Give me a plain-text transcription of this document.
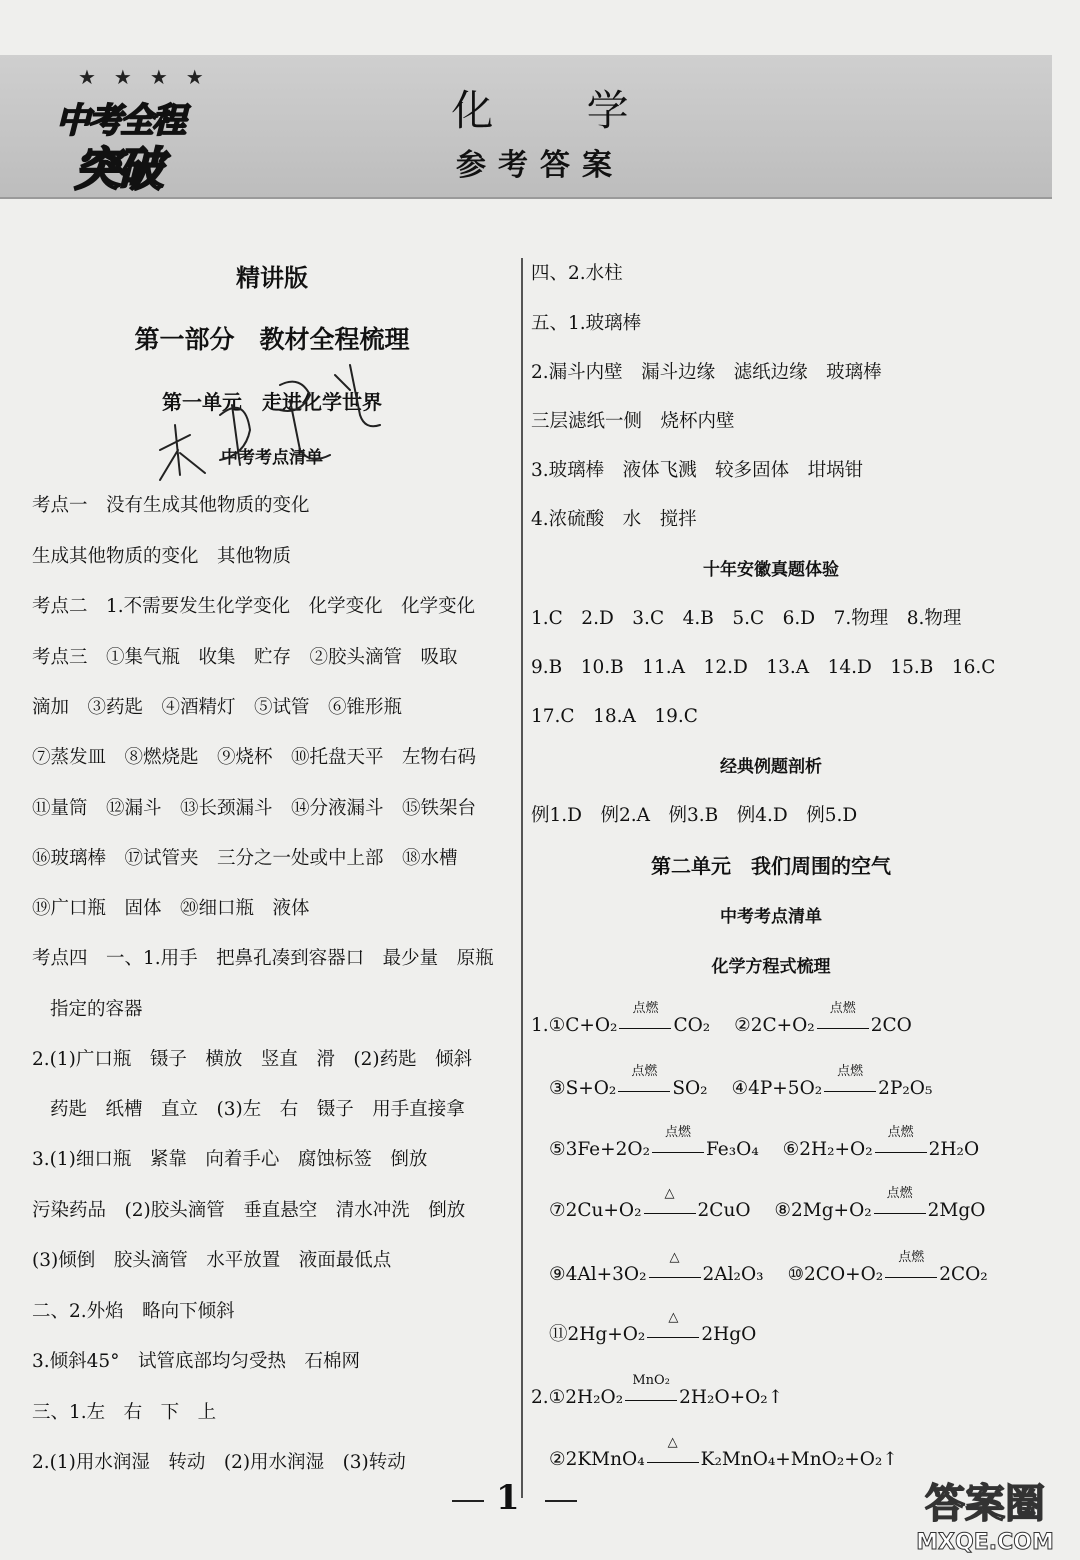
★★★★
中考全程
突破
化 学
参考答案
精讲版
第一部分　教材全程梳理
第一单元　走进化学世界
中考考点清单
考点一　没有生成其他物质的变化
生成其他物质的变化　其他物质
考点二　1.不需要发生化学变化　化学变化　化学变化
考点三　①集气瓶　收集　贮存　②胶头滴管　吸取
滴加　③药匙　④酒精灯　⑤试管　⑥锥形瓶
⑦蒸发皿　⑧燃烧匙　⑨烧杯　⑩托盘天平　左物右码
⑪量筒　⑫漏斗　⑬长颈漏斗　⑭分液漏斗　⑮铁架台
⑯玻璃棒　⑰试管夹　三分之一处或中上部　⑱水槽
⑲广口瓶　固体　⑳细口瓶　液体
考点四　一、1.用手　把鼻孔凑到容器口　最少量　原瓶
指定的容器
2.(1)广口瓶　镊子　横放　竖直　滑　(2)药匙　倾斜
药匙　纸槽　直立　(3)左　右　镊子　用手直接拿
3.(1)细口瓶　紧靠　向着手心　腐蚀标签　倒放
污染药品　(2)胶头滴管　垂直悬空　清水冲洗　倒放
(3)倾倒　胶头滴管　水平放置　液面最低点
二、2.外焰　略向下倾斜
3.倾斜45°　试管底部均匀受热　石棉网
三、1.左　右　下　上
2.(1)用水润湿　转动　(2)用水润湿　(3)转动
四、2.水柱
五、1.玻璃棒
2.漏斗内壁　漏斗边缘　滤纸边缘　玻璃棒
三层滤纸一侧　烧杯内壁
3.玻璃棒　液体飞溅　较多固体　坩埚钳
4.浓硫酸　水　搅拌
十年安徽真题体验
1.C　2.D　3.C　4.B　5.C　6.D　7.物理　8.物理
9.B　10.B　11.A　12.D　13.A　14.D　15.B　16.C
17.C　18.A　19.C
经典例题剖析
例1.D　例2.A　例3.B　例4.D　例5.D
第二单元　我们周围的空气
中考考点清单
化学方程式梳理
1.①C+O₂
点燃
CO₂ ②2C+O₂
点燃
2CO
③S+O₂
点燃
SO₂ ④4P+5O₂
点燃
2P₂O₅
⑤3Fe+2O₂
点燃
Fe₃O₄ ⑥2H₂+O₂
点燃
2H₂O
⑦2Cu+O₂
△
2CuO ⑧2Mg+O₂
点燃
2MgO
⑨4Al+3O₂
△
2Al₂O₃ ⑩2CO+O₂
点燃
2CO₂
⑪2Hg+O₂
△
2HgO
2.①2H₂O₂
MnO₂
2H₂O+O₂↑
②2KMnO₄
△
K₂MnO₄+MnO₂+O₂↑
1	答案圈
MXQE.COM
